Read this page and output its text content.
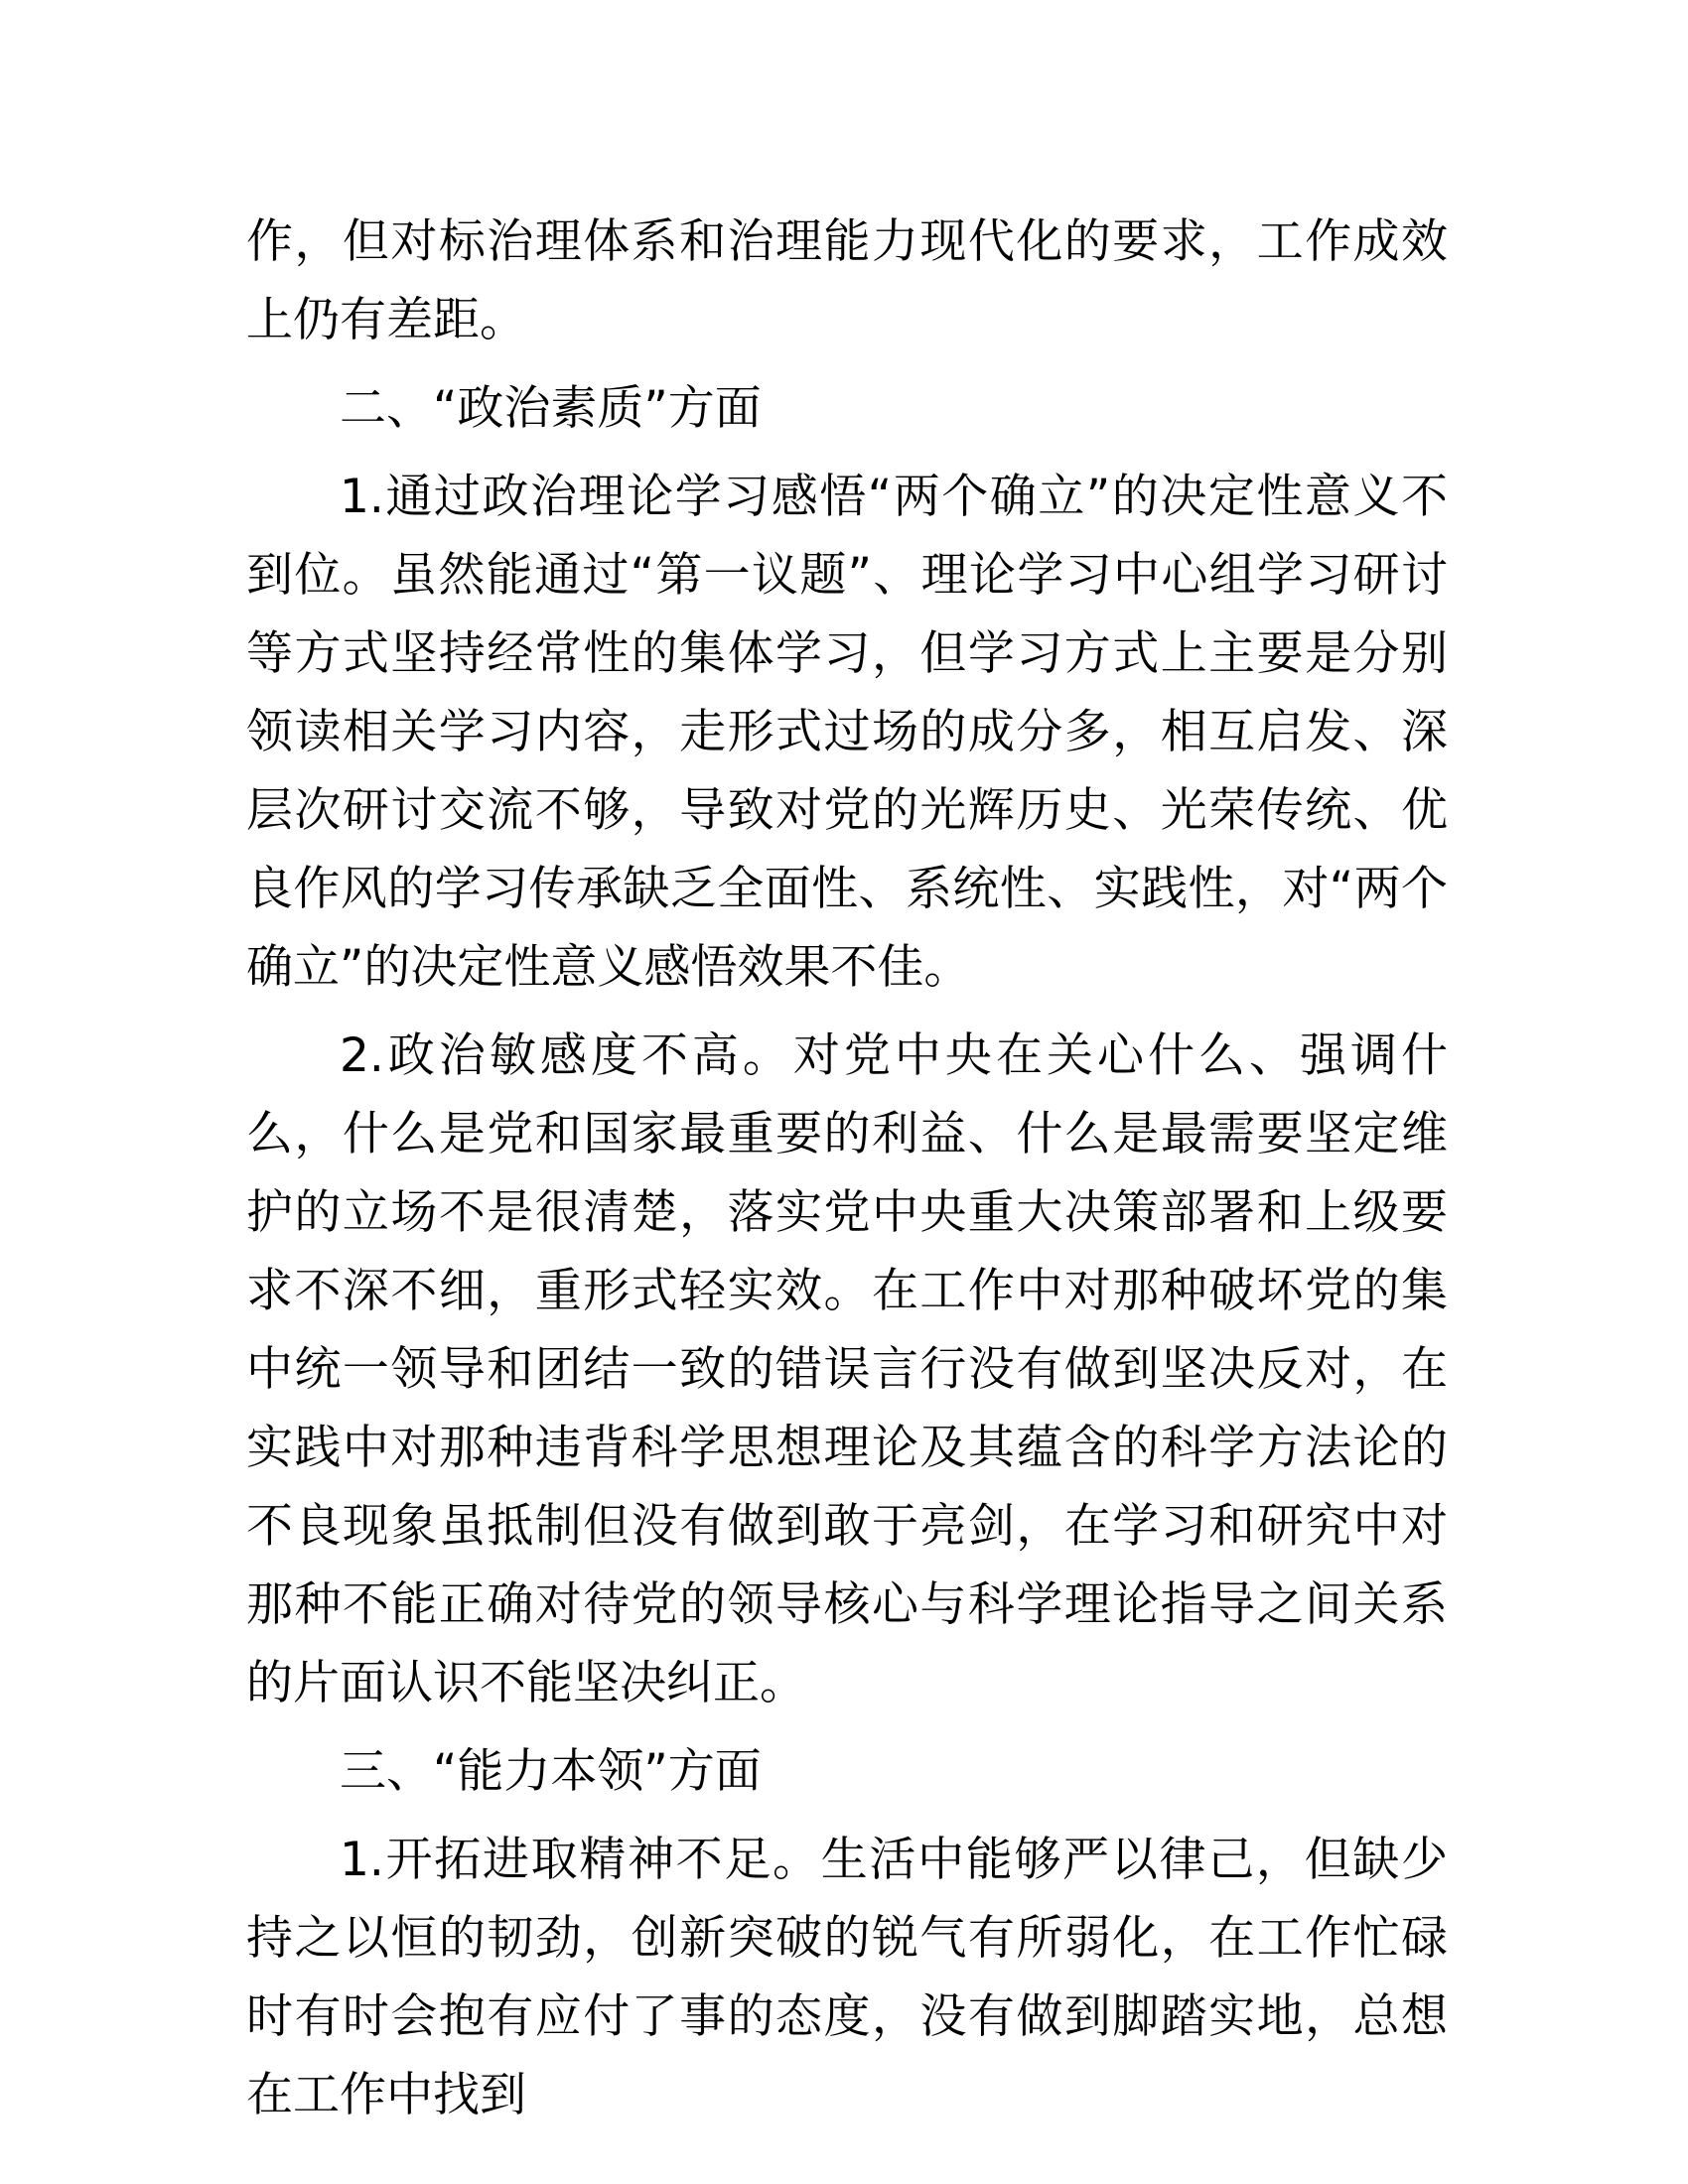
作，但对标治理体系和治理能力现代化的要求，工作成效上仍有差距。

二、“政治素质”方面

1.通过政治理论学习感悟“两个确立”的决定性意义不到位。虽然能通过“第一议题”、理论学习中心组学习研讨等方式坚持经常性的集体学习，但学习方式上主要是分别领读相关学习内容，走形式过场的成分多，相互启发、深层次研讨交流不够，导致对党的光辉历史、光荣传统、优良作风的学习传承缺乏全面性、系统性、实践性，对“两个确立”的决定性意义感悟效果不佳。

2.政治敏感度不高。对党中央在关心什么、强调什么，什么是党和国家最重要的利益、什么是最需要坚定维护的立场不是很清楚，落实党中央重大决策部署和上级要求不深不细，重形式轻实效。在工作中对那种破坏党的集中统一领导和团结一致的错误言行没有做到坚决反对，在实践中对那种违背科学思想理论及其蕴含的科学方法论的不良现象虽抵制但没有做到敢于亮剑，在学习和研究中对那种不能正确对待党的领导核心与科学理论指导之间关系的片面认识不能坚决纠正。

三、“能力本领”方面

1.开拓进取精神不足。生活中能够严以律己，但缺少持之以恒的韧劲，创新突破的锐气有所弱化，在工作忙碌时有时会抱有应付了事的态度，没有做到脚踏实地，总想在工作中找到
